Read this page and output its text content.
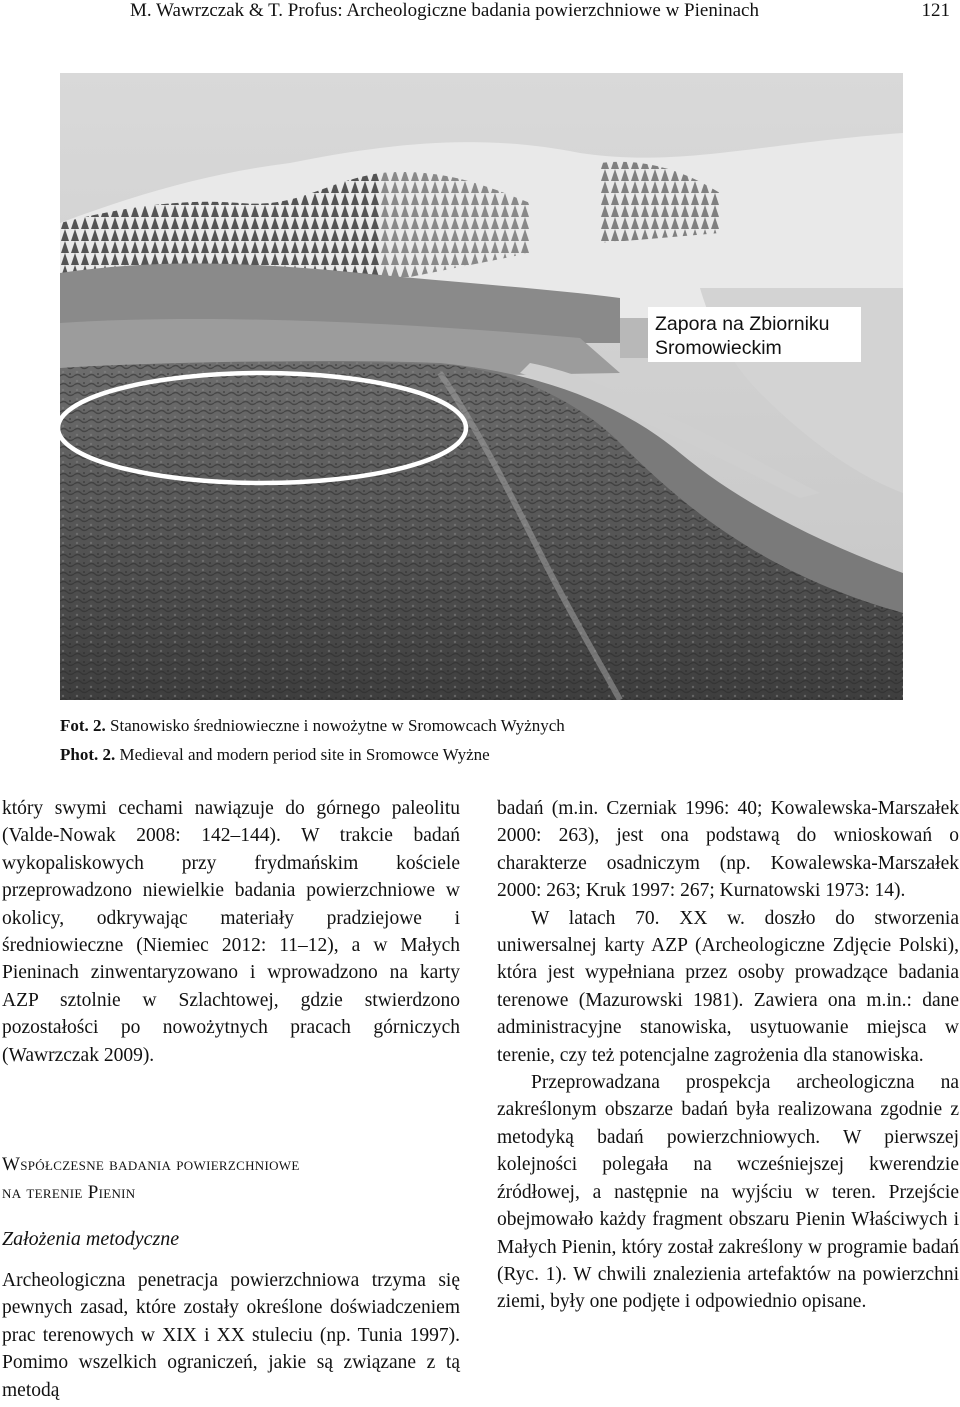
M. Wawrzczak & T. Profus: Archeologiczne badania powierzchniowe w Pieninach	121
Zapora na Zbiorniku
Sromowieckim
Fot. 2. Stanowisko średniowieczne i nowożytne w Sromowcach Wyżnych
Phot. 2. Medieval and modern period site in Sromowce Wyżne

który swymi cechami nawiązuje do górnego paleolitu (Valde-Nowak 2008: 142–144). W trakcie badań wykopaliskowych przy frydmańskim kościele przeprowadzono niewielkie badania powierzchniowe w okolicy, odkrywając materiały pradziejowe i średniowieczne (Niemiec 2012: 11–12), a w Małych Pieninach zinwentaryzowano i wprowadzono na karty AZP sztolnie w Szlachtowej, gdzie stwierdzono pozostałości po nowożytnych pracach górniczych (Wawrzczak 2009).

Współczesne badania powierzchniowe
na terenie Pienin
Założenia metodyczne

Archeologiczna penetracja powierzchniowa trzyma się pewnych zasad, które zostały określone doświadczeniem prac terenowych w XIX i XX stuleciu (np. Tunia 1997). Pomimo wszelkich ograniczeń, jakie są związane z tą metodą

badań (m.in. Czerniak 1996: 40; Kowalewska-Marszałek 2000: 263), jest ona podstawą do wnioskowań o charakterze osadniczym (np. Kowalewska-Marszałek 2000: 263; Kruk 1997: 267; Kurnatowski 1973: 14).

W latach 70. XX w. doszło do stworzenia uniwersalnej karty AZP (Archeologiczne Zdjęcie Polski), która jest wypełniana przez osoby prowadzące badania terenowe (Mazurowski 1981). Zawiera ona m.in.: dane administracyjne stanowiska, usytuowanie miejsca w terenie, czy też potencjalne zagrożenia dla stanowiska.

Przeprowadzana prospekcja archeologiczna na zakreślonym obszarze badań była realizowana zgodnie z metodyką badań powierzchniowych. W pierwszej kolejności polegała na wcześniejszej kwerendzie źródłowej, a następnie na wyjściu w teren. Przejście obejmowało każdy fragment obszaru Pienin Właściwych i Małych Pienin, który został zakreślony w programie badań (Ryc. 1). W chwili znalezienia artefaktów na powierzchni ziemi, były one podjęte i odpowiednio opisane.
